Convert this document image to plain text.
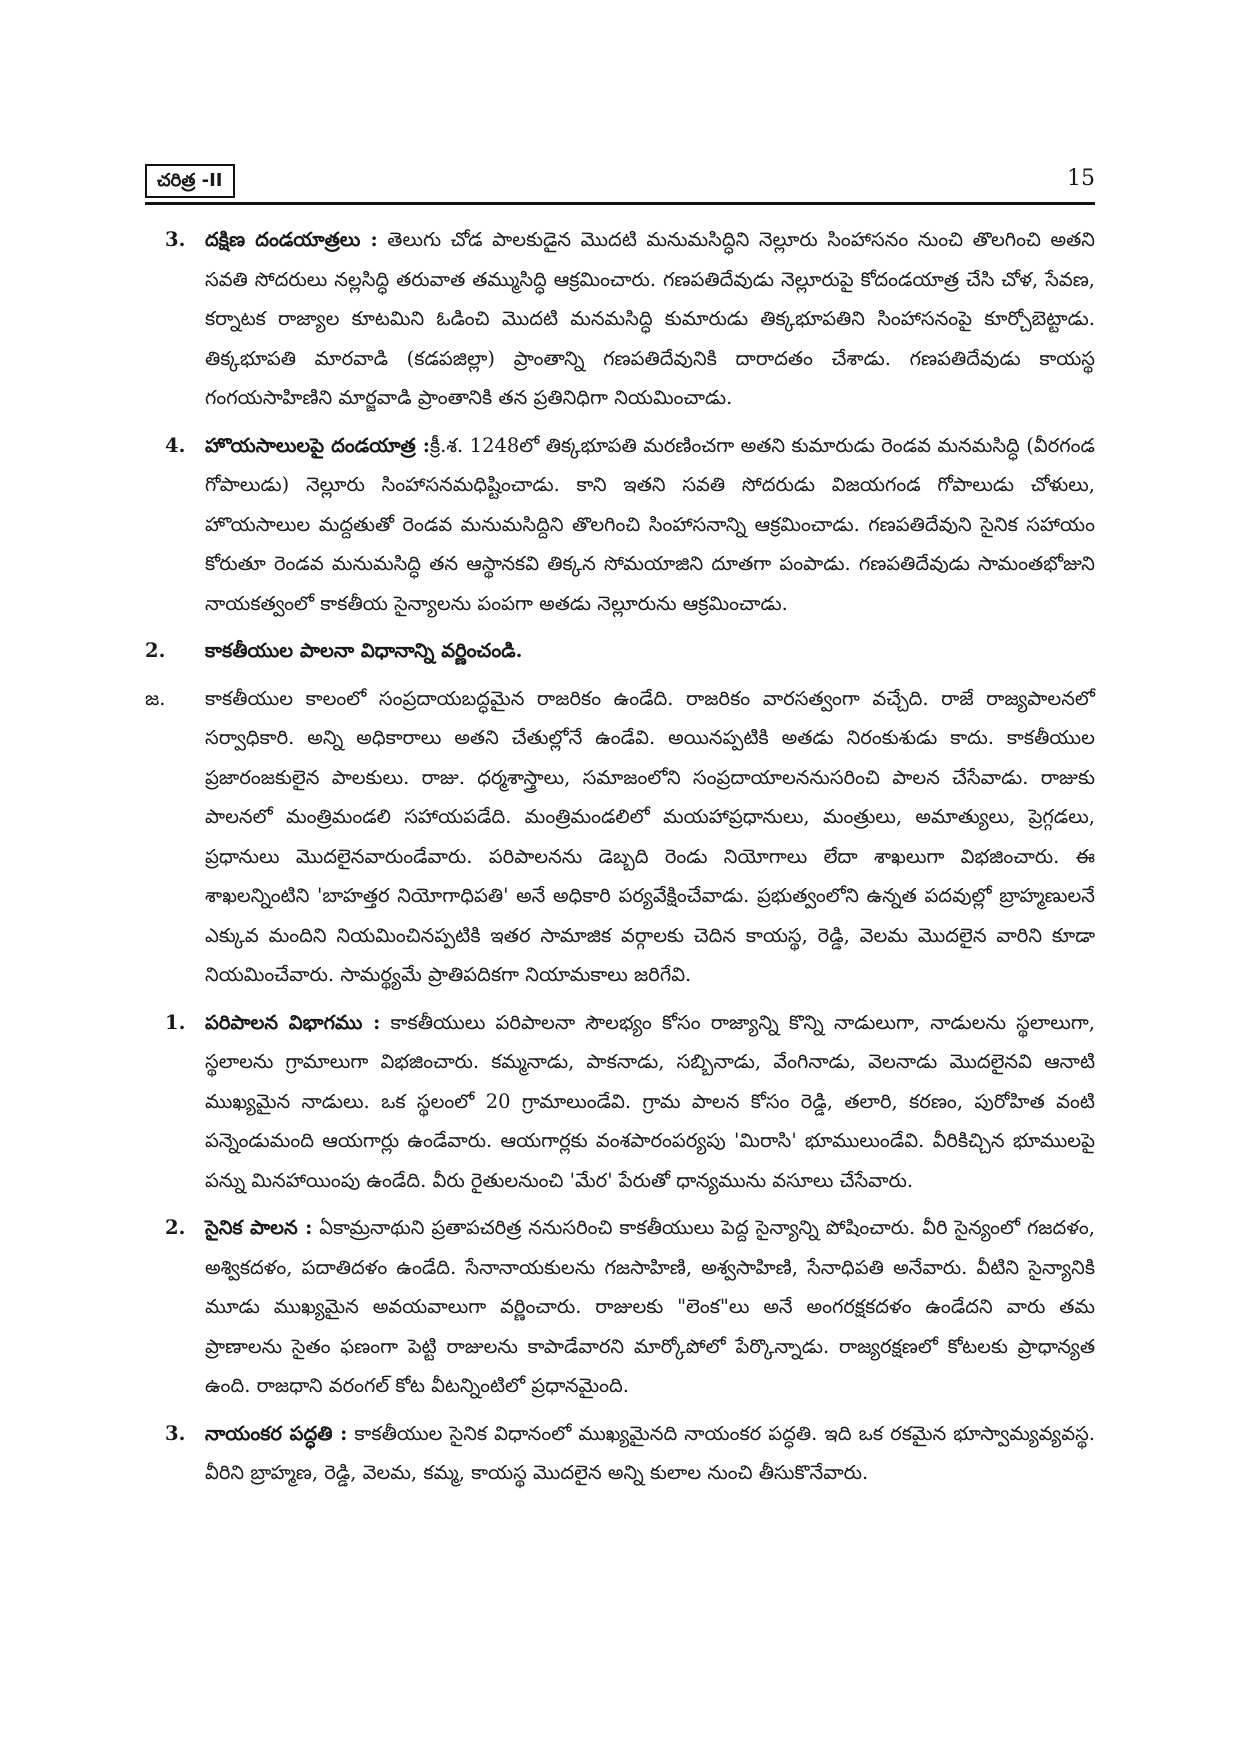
చరిత్ర -II	15
3. దక్షిణ దండయాత్రలు : తెలుగు చోడ పాలకుడైన మొదటి మనుమసిద్ధిని నెల్లూరు సింహాసనం నుంచి తొలగించి అతని సవతి సోదరులు నల్లసిద్ధి తరువాత తమ్ముసిద్ధి ఆక్రమించారు. గణపతిదేవుడు నెల్లూరుపై కోదండయాత్ర చేసి చోళ, సేవణ, కర్నాటక రాజ్యాల కూటమిని ఓడించి మొదటి మనమసిద్ధి కుమారుడు తిక్కభూపతిని సింహాసనంపై కూర్చోబెట్టాడు. తిక్కభూపతి మారవాడి (కడపజిల్లా) ప్రాంతాన్ని గణపతిదేవునికి దారాదతం చేశాడు. గణపతిదేవుడు కాయస్థ గంగయసాహిణిని మార్జవాడి ప్రాంతానికి తన ప్రతినిధిగా నియమించాడు.
4. హొయసాలులపై దండయాత్ర :క్రీ.శ. 1248లో తిక్కభూపతి మరణించగా అతని కుమారుడు రెండవ మనమసిద్ధి (వీరగండ గోపాలుడు) నెల్లూరు సింహాసనమధిష్టించాడు. కాని ఇతని సవతి సోదరుడు విజయగండ గోపాలుడు చోళులు, హొయసాలుల మద్దతుతో రెండవ మనుమసిద్దిని తొలగించి సింహాసనాన్ని ఆక్రమించాడు. గణపతిదేవుని సైనిక సహాయం కోరుతూ రెండవ మనుమసిద్ధి తన ఆస్థానకవి తిక్కన సోమయాజిని దూతగా పంపాడు. గణపతిదేవుడు సామంతభోజుని నాయకత్వంలో కాకతీయ సైన్యాలను పంపగా అతడు నెల్లూరును ఆక్రమించాడు.
2. కాకతీయుల పాలనా విధానాన్ని వర్ణించండి.
జ. కాకతీయుల కాలంలో సంప్రదాయబద్ధమైన రాజరికం ఉండేది. రాజరికం వారసత్వంగా వచ్చేది. రాజే రాజ్యపాలనలో సర్వాధికారి. అన్ని అధికారాలు అతని చేతుల్లోనే ఉండేవి. అయినప్పటికి అతడు నిరంకుశుడు కాదు. కాకతీయుల ప్రజారంజకులైన పాలకులు. రాజు. ధర్మశాస్త్రాలు, సమాజంలోని సంప్రదాయాలననుసరించి పాలన చేసేవాడు. రాజుకు పాలనలో మంత్రిమండలి సహాయపడేది. మంత్రిమండలిలో మయహాప్రధానులు, మంత్రులు, అమాత్యులు, ప్రెగ్గడలు, ప్రధానులు మొదలైనవారుండేవారు. పరిపాలనను డెబ్బది రెండు నియోగాలు లేదా శాఖలుగా విభజించారు. ఈ శాఖలన్నింటిని 'బాహత్తర నియోగాధిపతి' అనే అధికారి పర్యవేక్షించేవాడు. ప్రభుత్వంలోని ఉన్నత పదవుల్లో బ్రాహ్మణులనే ఎక్కువ మందిని నియమించినప్పటికి ఇతర సామాజిక వర్గాలకు చెదిన కాయస్థ, రెడ్డి, వెలమ మొదలైన వారిని కూడా నియమించేవారు. సామర్థ్యమే ప్రాతిపదికగా నియామకాలు జరిగేవి.
1. పరిపాలన విభాగము : కాకతీయులు పరిపాలనా సౌలభ్యం కోసం రాజ్యాన్ని కొన్ని నాడులుగా, నాడులను స్థలాలుగా, స్థలాలను గ్రామాలుగా విభజించారు. కమ్మనాడు, పాకనాడు, సబ్బినాడు, వేంగినాడు, వెలనాడు మొదలైనవి ఆనాటి ముఖ్యమైన నాడులు. ఒక స్థలంలో 20 గ్రామాలుండేవి. గ్రామ పాలన కోసం రెడ్డి, తలారి, కరణం, పురోహిత వంటి పన్నెండుమంది ఆయగార్లు ఉండేవారు. ఆయగార్లకు వంశపారంపర్యపు 'మిరాసి' భూములుండేవి. వీరికిచ్చిన భూములపై పన్ను మినహాయింపు ఉండేది. వీరు రైతులనుంచి 'మేర' పేరుతో ధాన్యమును వసూలు చేసేవారు.
2. సైనిక పాలన : ఏకామ్రనాథుని ప్రతాపచరిత్ర ననుసరించి కాకతీయులు పెద్ద సైన్యాన్ని పోషించారు. వీరి సైన్యంలో గజదళం, అశ్వికదళం, పదాతిదళం ఉండేది. సేనానాయకులను గజసాహిణి, అశ్వసాహిణి, సేనాధిపతి అనేవారు. వీటిని సైన్యానికి మూడు ముఖ్యమైన అవయవాలుగా వర్ణించారు. రాజులకు "లెంక"లు అనే అంగరక్షకదళం ఉండేదని వారు తమ ప్రాణాలను సైతం ఫణంగా పెట్టి రాజులను కాపాడేవారని మార్కోపోలో పేర్కొన్నాడు. రాజ్యరక్షణలో కోటలకు ప్రాధాన్యత ఉంది. రాజధాని వరంగల్ కోట వీటన్నింటిలో ప్రధానమైంది.
3. నాయంకర పద్ధతి : కాకతీయుల సైనిక విధానంలో ముఖ్యమైనది నాయంకర పద్ధతి. ఇది ఒక రకమైన భూస్వామ్యవ్యవస్థ. వీరిని బ్రాహ్మణ, రెడ్డి, వెలమ, కమ్మ, కాయస్థ మొదలైన అన్ని కులాల నుంచి తీసుకొనేవారు.
